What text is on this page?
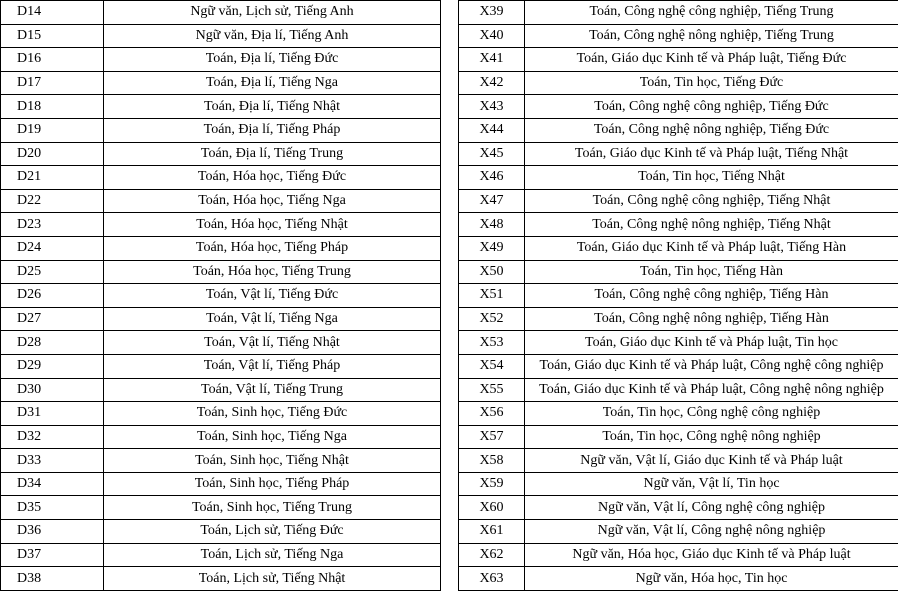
D14	Ngữ văn, Lịch sử, Tiếng Anh
D15	Ngữ văn, Địa lí, Tiếng Anh
D16	Toán, Địa lí, Tiếng Đức
D17	Toán, Địa lí, Tiếng Nga
D18	Toán, Địa lí, Tiếng Nhật
D19	Toán, Địa lí, Tiếng Pháp
D20	Toán, Địa lí, Tiếng Trung
D21	Toán, Hóa học, Tiếng Đức
D22	Toán, Hóa học, Tiếng Nga
D23	Toán, Hóa học, Tiếng Nhật
D24	Toán, Hóa học, Tiếng Pháp
D25	Toán, Hóa học, Tiếng Trung
D26	Toán, Vật lí, Tiếng Đức
D27	Toán, Vật lí, Tiếng Nga
D28	Toán, Vật lí, Tiếng Nhật
D29	Toán, Vật lí, Tiếng Pháp
D30	Toán, Vật lí, Tiếng Trung
D31	Toán, Sinh học, Tiếng Đức
D32	Toán, Sinh học, Tiếng Nga
D33	Toán, Sinh học, Tiếng Nhật
D34	Toán, Sinh học, Tiếng Pháp
D35	Toán, Sinh học, Tiếng Trung
D36	Toán, Lịch sử, Tiếng Đức
D37	Toán, Lịch sử, Tiếng Nga
D38	Toán, Lịch sử, Tiếng Nhật
X39	Toán, Công nghệ công nghiệp, Tiếng Trung
X40	Toán, Công nghệ nông nghiệp, Tiếng Trung
X41	Toán, Giáo dục Kinh tế và Pháp luật, Tiếng Đức
X42	Toán, Tin học, Tiếng Đức
X43	Toán, Công nghệ công nghiệp, Tiếng Đức
X44	Toán, Công nghệ nông nghiệp, Tiếng Đức
X45	Toán, Giáo dục Kinh tế và Pháp luật, Tiếng Nhật
X46	Toán, Tin học, Tiếng Nhật
X47	Toán, Công nghệ công nghiệp, Tiếng Nhật
X48	Toán, Công nghệ nông nghiệp, Tiếng Nhật
X49	Toán, Giáo dục Kinh tế và Pháp luật, Tiếng Hàn
X50	Toán, Tin học, Tiếng Hàn
X51	Toán, Công nghệ công nghiệp, Tiếng Hàn
X52	Toán, Công nghệ nông nghiệp, Tiếng Hàn
X53	Toán, Giáo dục Kinh tế và Pháp luật, Tin học
X54	Toán, Giáo dục Kinh tế và Pháp luật, Công nghệ công nghiệp
X55	Toán, Giáo dục Kinh tế và Pháp luật, Công nghệ nông nghiệp
X56	Toán, Tin học, Công nghệ công nghiệp
X57	Toán, Tin học, Công nghệ nông nghiệp
X58	Ngữ văn, Vật lí, Giáo dục Kinh tế và Pháp luật
X59	Ngữ văn, Vật lí, Tin học
X60	Ngữ văn, Vật lí, Công nghệ công nghiệp
X61	Ngữ văn, Vật lí, Công nghệ nông nghiệp
X62	Ngữ văn, Hóa học, Giáo dục Kinh tế và Pháp luật
X63	Ngữ văn, Hóa học, Tin học
